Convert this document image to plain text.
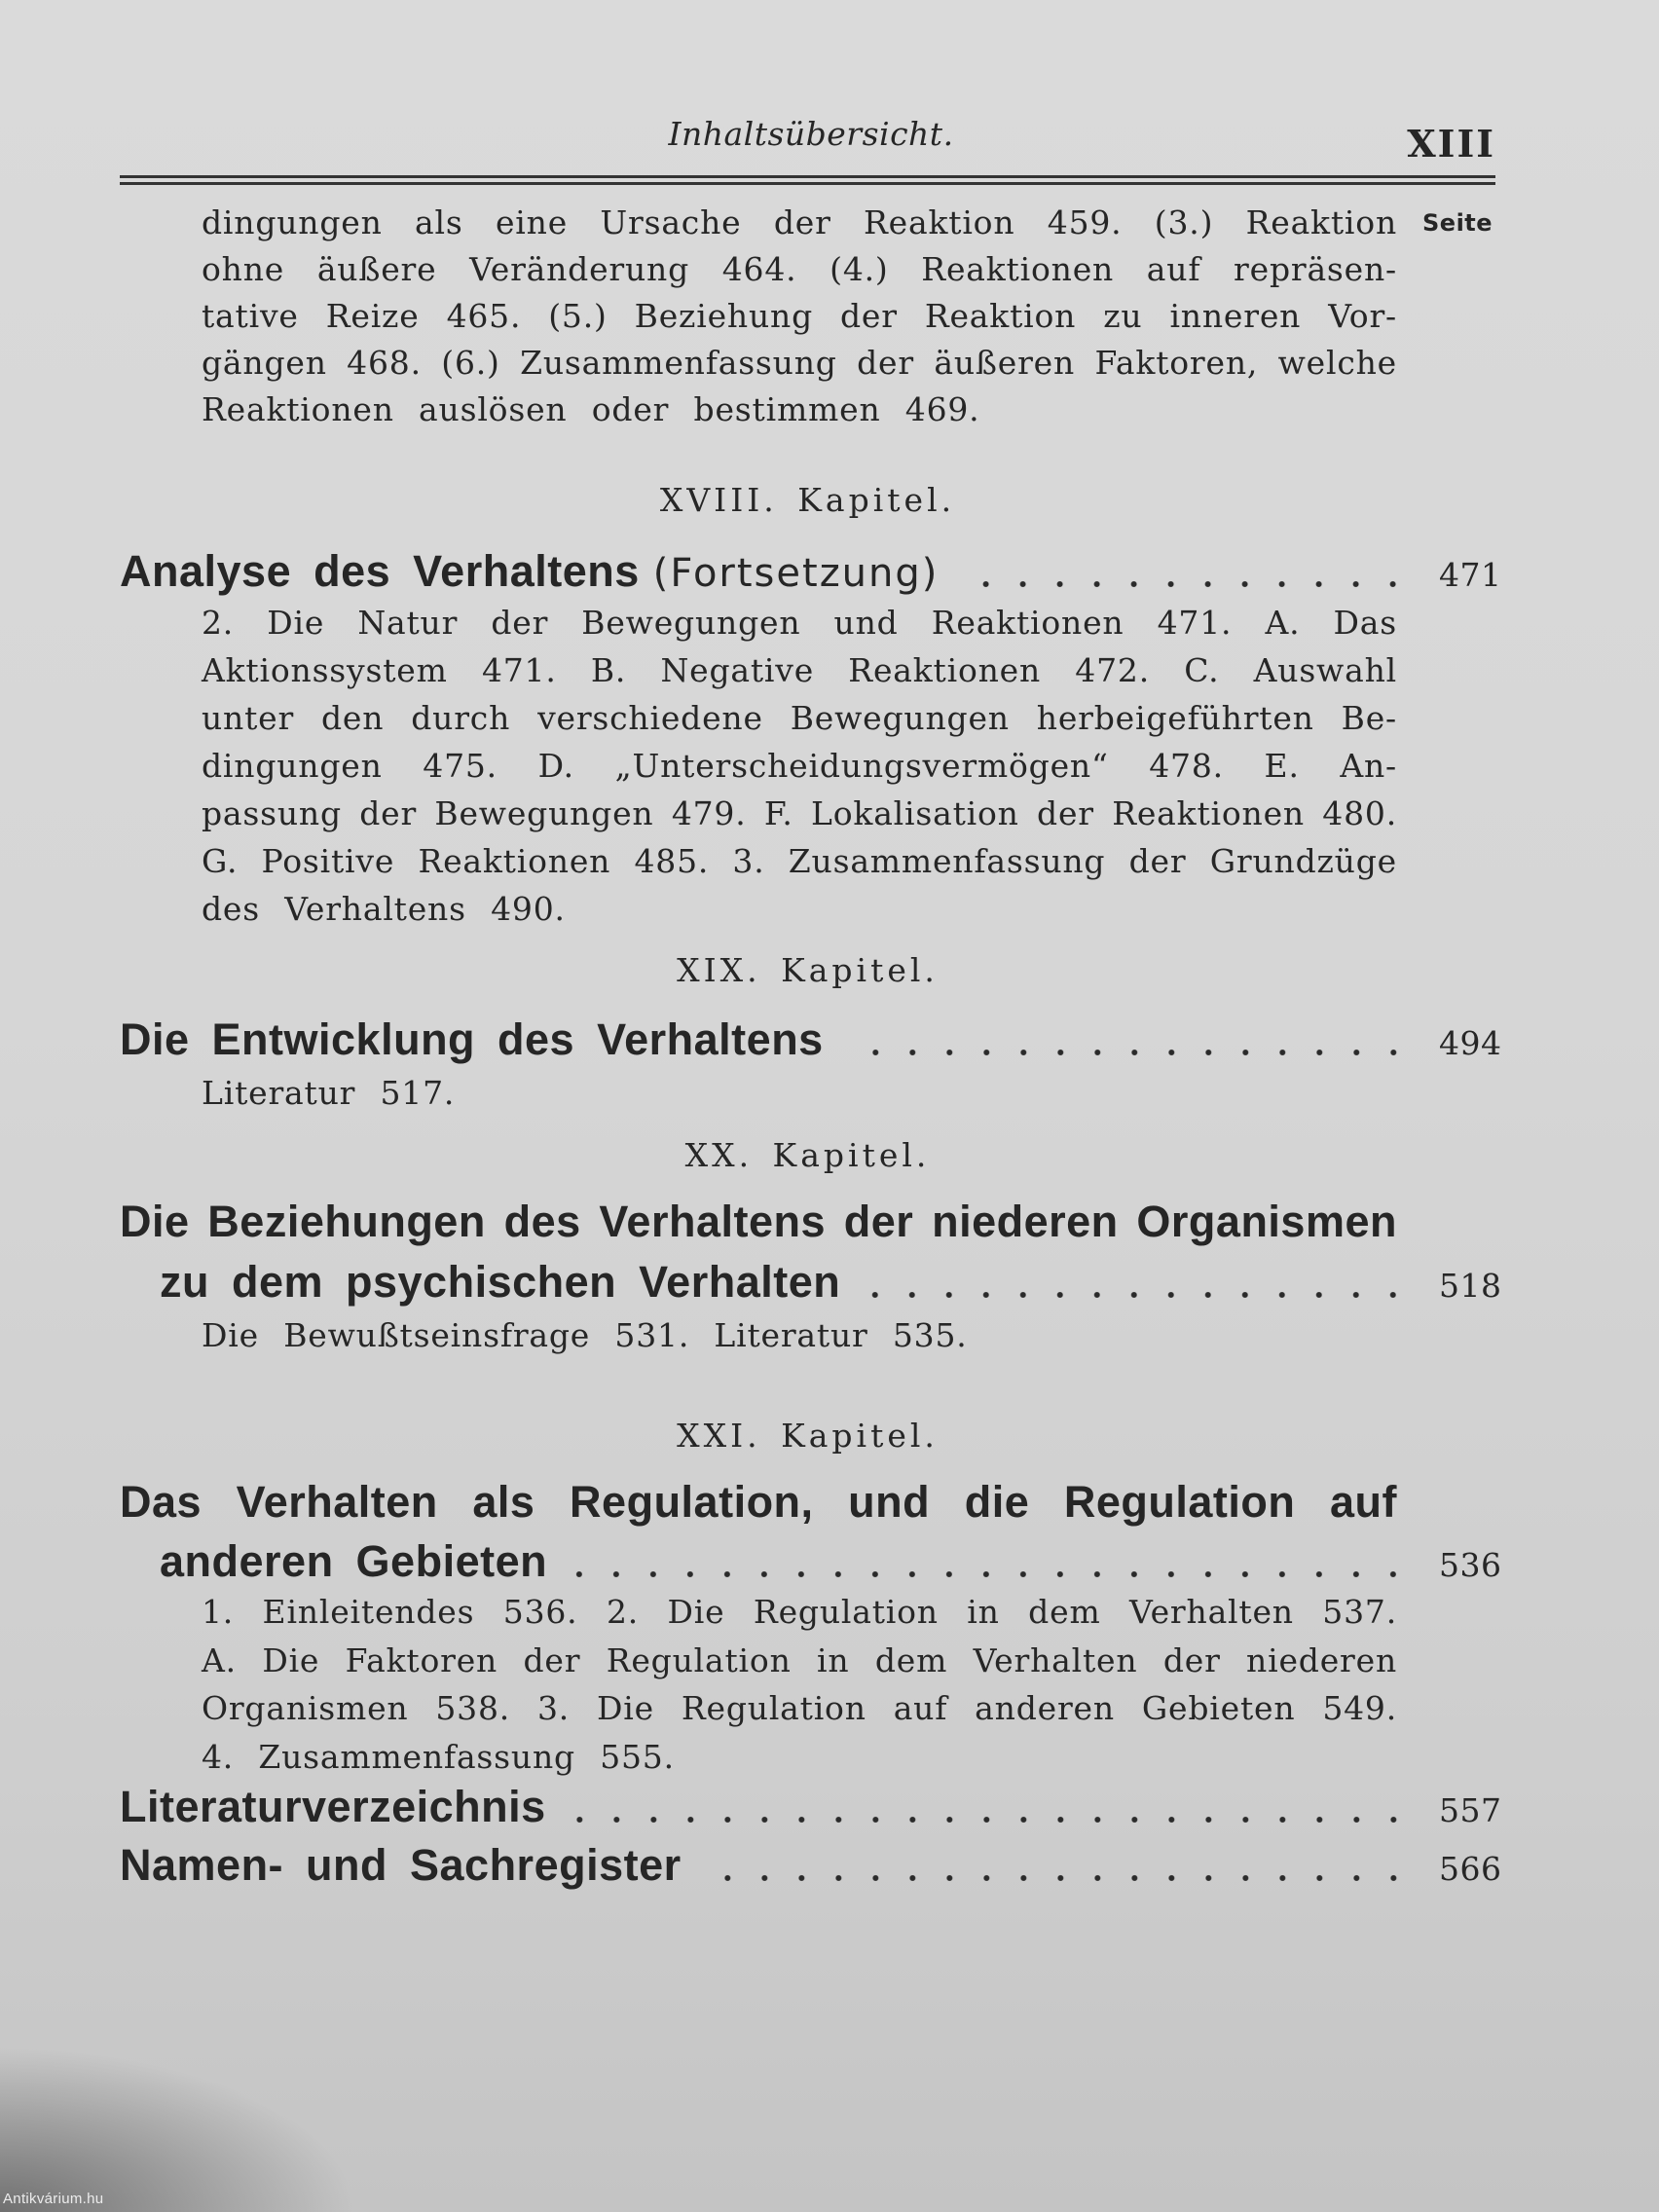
Inhaltsübersicht.	XIII
Seite
dingungen als eine Ursache der Reaktion 459. (3.) Reaktion
ohne äußere Veränderung 464. (4.) Reaktionen auf repräsen-
tative Reize 465. (5.) Beziehung der Reaktion zu inneren Vor-
gängen 468. (6.) Zusammenfassung der äußeren Faktoren, welche
Reaktionen auslösen oder bestimmen 469.
XVIII. Kapitel.
Analyse des Verhaltens (Fortsetzung)	471
2. Die Natur der Bewegungen und Reaktionen 471. A. Das
Aktionssystem 471. B. Negative Reaktionen 472. C. Auswahl
unter den durch verschiedene Bewegungen herbeigeführten Be-
dingungen 475. D. „Unterscheidungsvermögen“ 478. E. An-
passung der Bewegungen 479. F. Lokalisation der Reaktionen 480.
G. Positive Reaktionen 485. 3. Zusammenfassung der Grundzüge
des Verhaltens 490.
XIX. Kapitel.
Die Entwicklung des Verhaltens	494
Literatur 517.
XX. Kapitel.
Die Beziehungen des Verhaltens der niederen Organismen
zu dem psychischen Verhalten	518
Die Bewußtseinsfrage 531. Literatur 535.
XXI. Kapitel.
Das Verhalten als Regulation, und die Regulation auf
anderen Gebieten	536
1. Einleitendes 536. 2. Die Regulation in dem Verhalten 537.
A. Die Faktoren der Regulation in dem Verhalten der niederen
Organismen 538. 3. Die Regulation auf anderen Gebieten 549.
4. Zusammenfassung 555.
Literaturverzeichnis	557
Namen- und Sachregister	566
Antikvárium.hu
